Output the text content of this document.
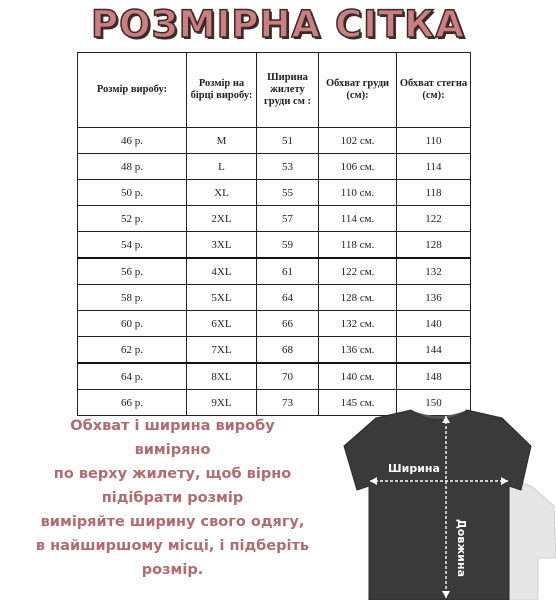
РОЗМІРНА СІТКА
Розмір виробу:	Розмір на бірці виробу:	Ширина жилету груди см :	Обхват груди (см):	Обхват стегна (см):
46 р.	M	51	102 см.	110
48 р.	L	53	106 см.	114
50 р.	XL	55	110 см.	118
52 р.	2XL	57	114 см.	122
54 р.	3XL	59	118 см.	128
56 р.	4XL	61	122 см.	132
58 р.	5XL	64	128 см.	136
60 р.	6XL	66	132 см.	140
62 р.	7XL	68	136 см.	144
64 р.	8XL	70	140 см.	148
66 р.	9XL	73	145 см.	150
Обхват і ширина виробу
виміряно
по верху жилету, щоб вірно
підібрати розмір
виміряйте ширину свого одягу,
в найширшому місці, і підберіть
розмір.
Ширина
Довжина
